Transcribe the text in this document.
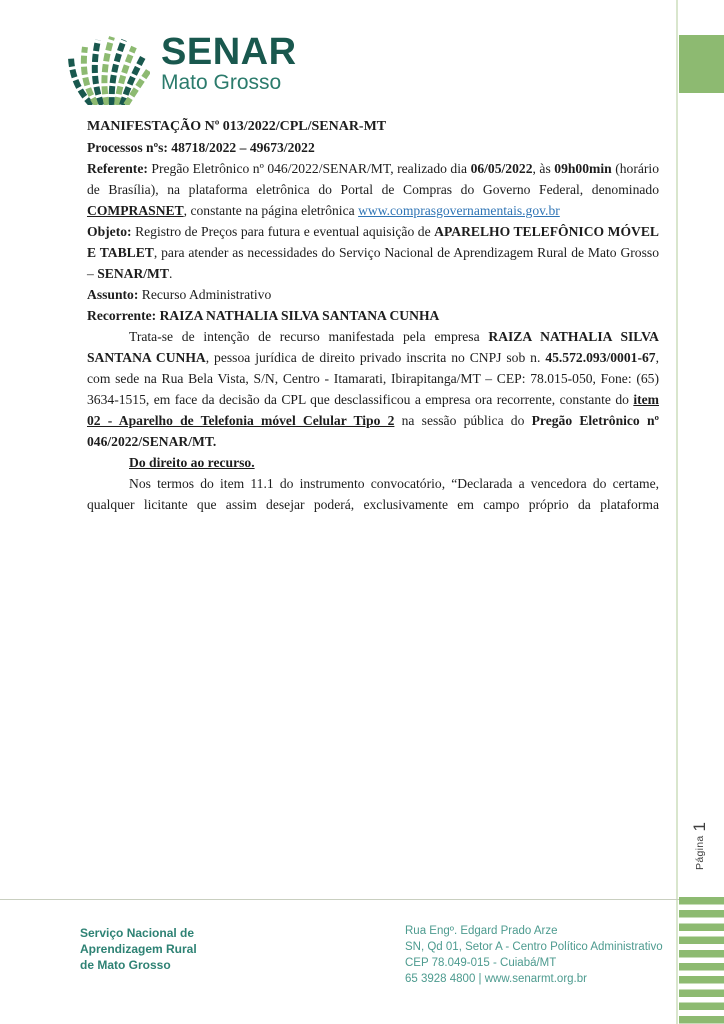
Página
1
SENAR
Mato Grosso

MANIFESTAÇÃO Nº 013/2022/CPL/SENAR-MT

Processos nºs: 48718/2022 – 49673/2022

Referente: Pregão Eletrônico nº 046/2022/SENAR/MT, realizado dia 06/05/2022, às 09h00min (horário de Brasília), na plataforma eletrônica do Portal de Compras do Governo Federal, denominado COMPRASNET, constante na página eletrônica www.comprasgovernamentais.gov.br

Objeto: Registro de Preços para futura e eventual aquisição de APARELHO TELEFÔNICO MÓVEL E TABLET, para atender as necessidades do Serviço Nacional de Aprendizagem Rural de Mato Grosso – SENAR/MT.

Assunto: Recurso Administrativo

Recorrente: RAIZA NATHALIA SILVA SANTANA CUNHA

Trata-se de intenção de recurso manifestada pela empresa RAIZA NATHALIA SILVA SANTANA CUNHA, pessoa jurídica de direito privado inscrita no CNPJ sob n. 45.572.093/0001-67, com sede na Rua Bela Vista, S/N, Centro - Itamarati, Ibirapitanga/MT – CEP: 78.015-050, Fone: (65) 3634-1515, em face da decisão da CPL que desclassificou a empresa ora recorrente, constante do item 02 - Aparelho de Telefonia móvel Celular Tipo 2 na sessão pública do Pregão Eletrônico nº 046/2022/SENAR/MT.

Do direito ao recurso.

Nos termos do item 11.1 do instrumento convocatório, “Declarada a vencedora do certame, qualquer licitante que assim desejar poderá, exclusivamente em campo próprio da plataforma

Serviço Nacional de
Aprendizagem Rural
de Mato Grosso
Rua Engº. Edgard Prado Arze
SN, Qd 01, Setor A - Centro Político Administrativo
CEP 78.049-015 - Cuiabá/MT
65 3928 4800 | www.senarmt.org.br
